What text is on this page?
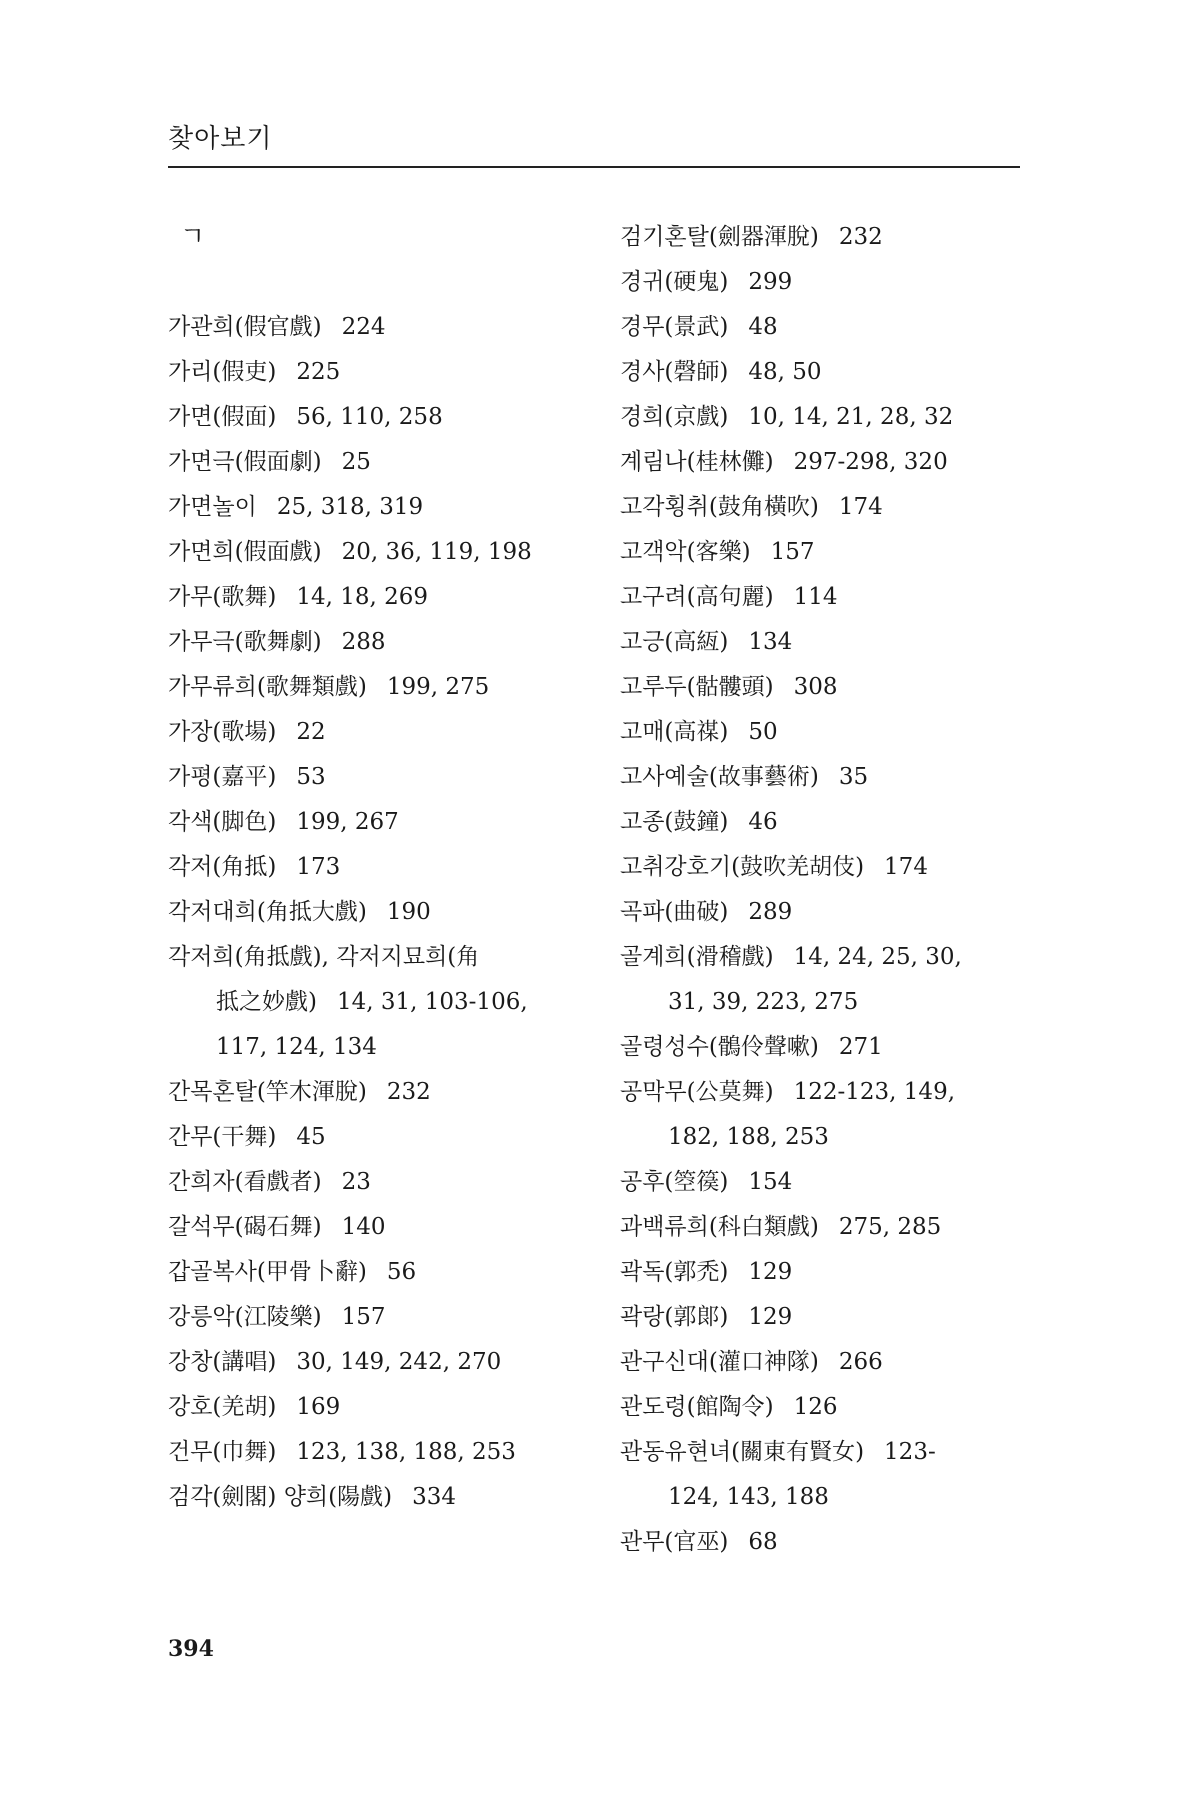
찾아보기
ㄱ
가관희(假官戲) 224
가리(假吏) 225
가면(假面) 56, 110, 258
가면극(假面劇) 25
가면놀이 25, 318, 319
가면희(假面戲) 20, 36, 119, 198
가무(歌舞) 14, 18, 269
가무극(歌舞劇) 288
가무류희(歌舞類戲) 199, 275
가장(歌場) 22
가평(嘉平) 53
각색(脚色) 199, 267
각저(角抵) 173
각저대희(角抵大戲) 190
각저희(角抵戲), 각저지묘희(角
抵之妙戲) 14, 31, 103-106,
117, 124, 134
간목혼탈(竿木渾脫) 232
간무(干舞) 45
간희자(看戲者) 23
갈석무(碣石舞) 140
갑골복사(甲骨卜辭) 56
강릉악(江陵樂) 157
강창(講唱) 30, 149, 242, 270
강호(羌胡) 169
건무(巾舞) 123, 138, 188, 253
검각(劍閣) 양희(陽戲) 334
검기혼탈(劍器渾脫) 232
경귀(硬鬼) 299
경무(景武) 48
경사(磬師) 48, 50
경희(京戲) 10, 14, 21, 28, 32
계림나(桂林儺) 297-298, 320
고각횡취(鼓角橫吹) 174
고객악(客樂) 157
고구려(高句麗) 114
고긍(高絚) 134
고루두(骷髏頭) 308
고매(高禖) 50
고사예술(故事藝術) 35
고종(鼓鐘) 46
고취강호기(鼓吹羌胡伎) 174
곡파(曲破) 289
골계희(滑稽戲) 14, 24, 25, 30,
31, 39, 223, 275
골령성수(鶻伶聲嗽) 271
공막무(公莫舞) 122-123, 149,
182, 188, 253
공후(箜篌) 154
과백류희(科白類戲) 275, 285
곽독(郭禿) 129
곽랑(郭郞) 129
관구신대(灌口神隊) 266
관도령(館陶令) 126
관동유현녀(關東有賢女) 123-
124, 143, 188
관무(官巫) 68
394
